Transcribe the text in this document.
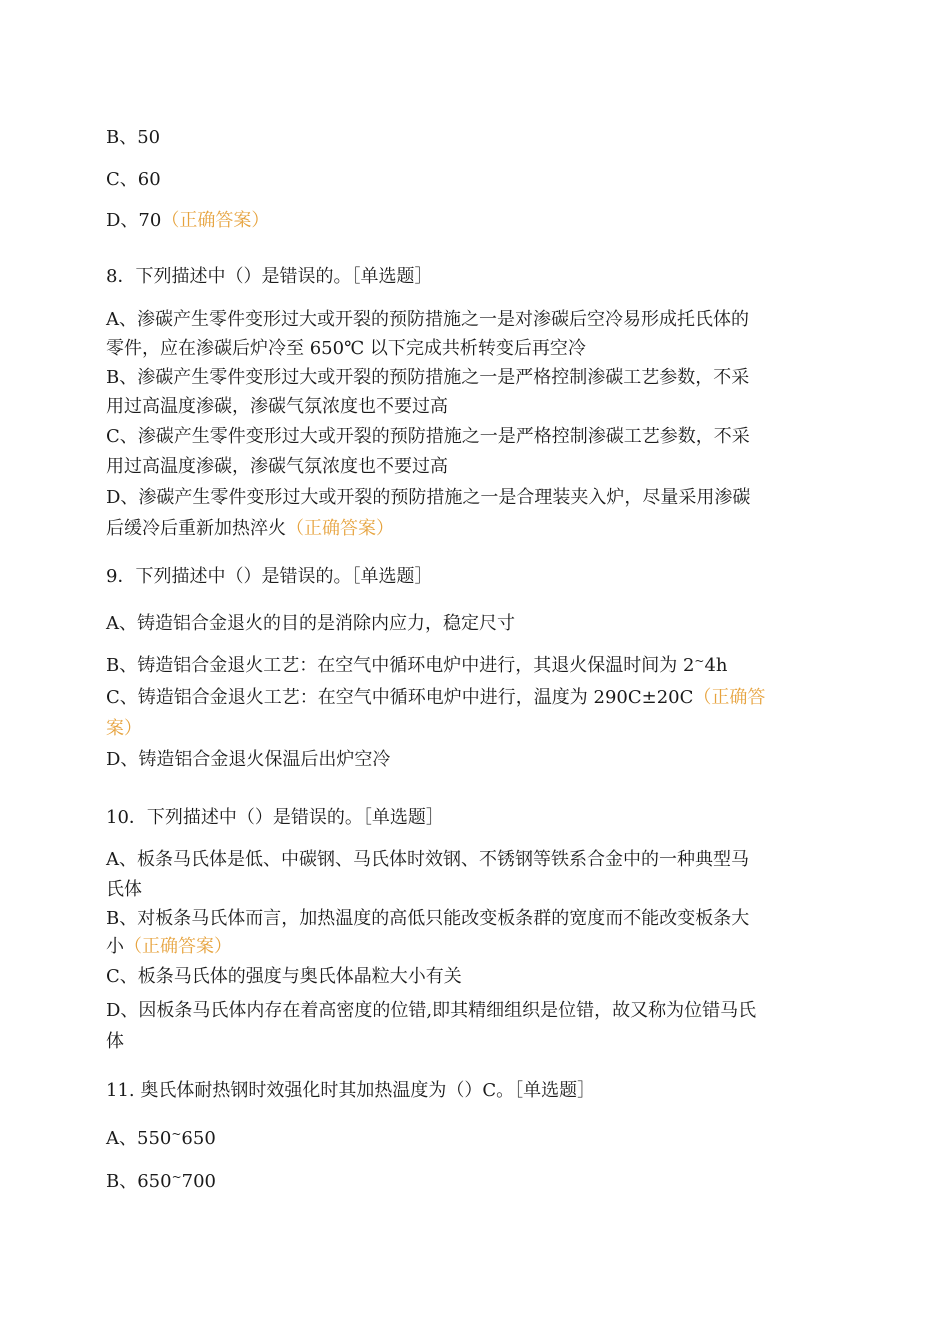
B、50
C、60
D、70（正确答案）
8．下列描述中（）是错误的。［单选题］
A、渗碳产生零件变形过大或开裂的预防措施之一是对渗碳后空冷易形成托氏体的
零件，应在渗碳后炉冷至 650℃ 以下完成共析转变后再空冷
B、渗碳产生零件变形过大或开裂的预防措施之一是严格控制渗碳工艺参数，不采
用过高温度渗碳，渗碳气氛浓度也不要过高
C、渗碳产生零件变形过大或开裂的预防措施之一是严格控制渗碳工艺参数，不采
用过高温度渗碳，渗碳气氛浓度也不要过高
D、渗碳产生零件变形过大或开裂的预防措施之一是合理装夹入炉，尽量采用渗碳
后缓冷后重新加热淬火（正确答案）
9．下列描述中（）是错误的。［单选题］
A、铸造铝合金退火的目的是消除内应力，稳定尺寸
B、铸造铝合金退火工艺：在空气中循环电炉中进行，其退火保温时间为 2~4h
C、铸造铝合金退火工艺：在空气中循环电炉中进行，温度为 290C±20C（正确答
案）
D、铸造铝合金退火保温后出炉空冷
10．下列描述中（）是错误的。［单选题］
A、板条马氏体是低、中碳钢、马氏体时效钢、不锈钢等铁系合金中的一种典型马
氏体
B、对板条马氏体而言，加热温度的高低只能改变板条群的宽度而不能改变板条大
小（正确答案）
C、板条马氏体的强度与奥氏体晶粒大小有关
D、因板条马氏体内存在着高密度的位错,即其精细组织是位错，故又称为位错马氏
体
11. 奥氏体耐热钢时效强化时其加热温度为（）C。［单选题］
A、550~650
B、650~700
